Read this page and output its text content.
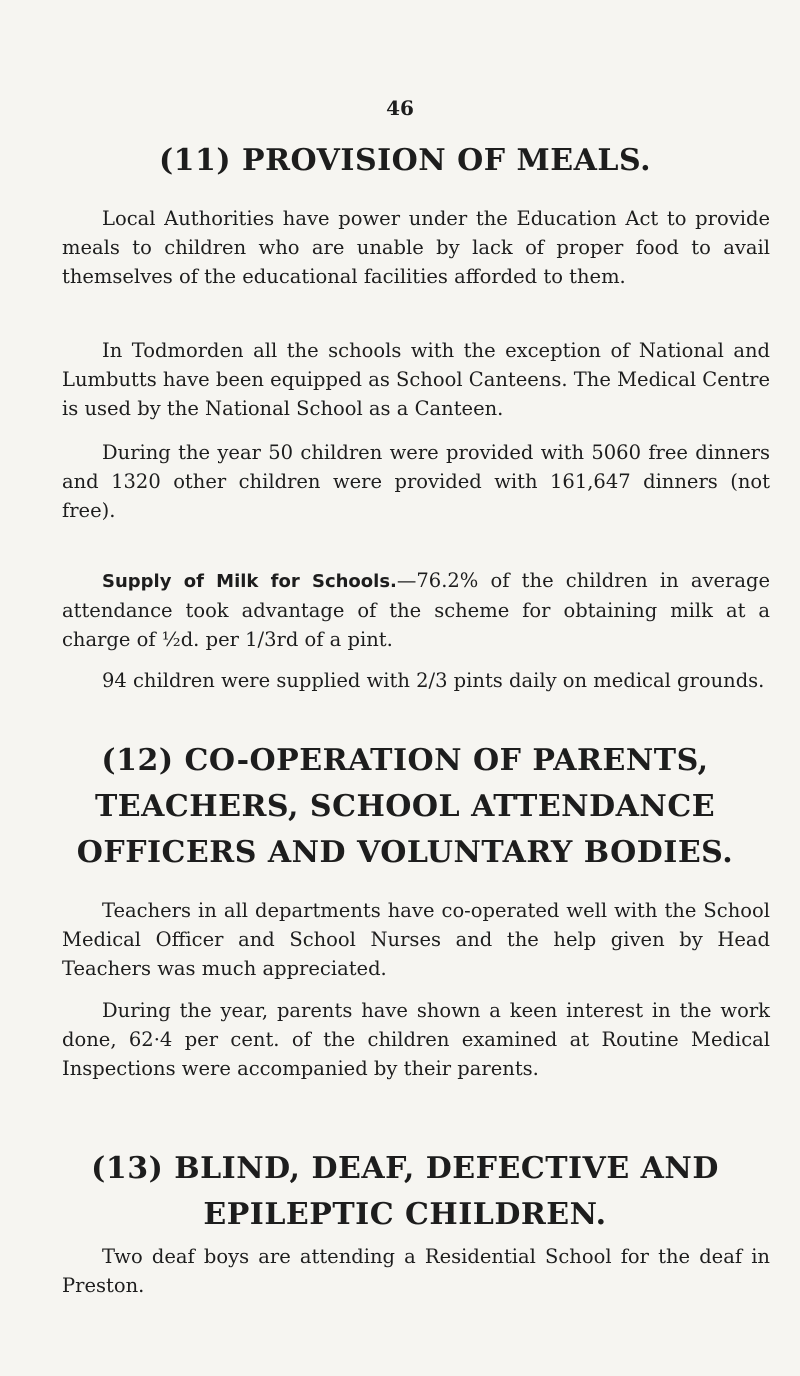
46
(11) PROVISION OF MEALS.

Local Authorities have power under the Education Act to provide meals to children who are unable by lack of proper food to avail themselves of the educational facilities afforded to them.

In Todmorden all the schools with the exception of National and Lumbutts have been equipped as School Canteens. The Medical Centre is used by the National School as a Canteen.

During the year 50 children were provided with 5060 free dinners and 1320 other children were provided with 161,647 dinners (not free).

Supply of Milk for Schools.—76.2% of the children in average attendance took advantage of the scheme for obtaining milk at a charge of ½d. per 1/3rd of a pint.

94 children were supplied with 2/3 pints daily on medical grounds.

(12) CO-OPERATION OF PARENTS,
TEACHERS, SCHOOL ATTENDANCE
OFFICERS AND VOLUNTARY BODIES.

Teachers in all departments have co-operated well with the School Medical Officer and School Nurses and the help given by Head Teachers was much appreciated.

During the year, parents have shown a keen interest in the work done, 62·4 per cent. of the children examined at Routine Medical Inspections were accompanied by their parents.

(13) BLIND, DEAF, DEFECTIVE AND
EPILEPTIC CHILDREN.

Two deaf boys are attending a Residential School for the deaf in Preston.
